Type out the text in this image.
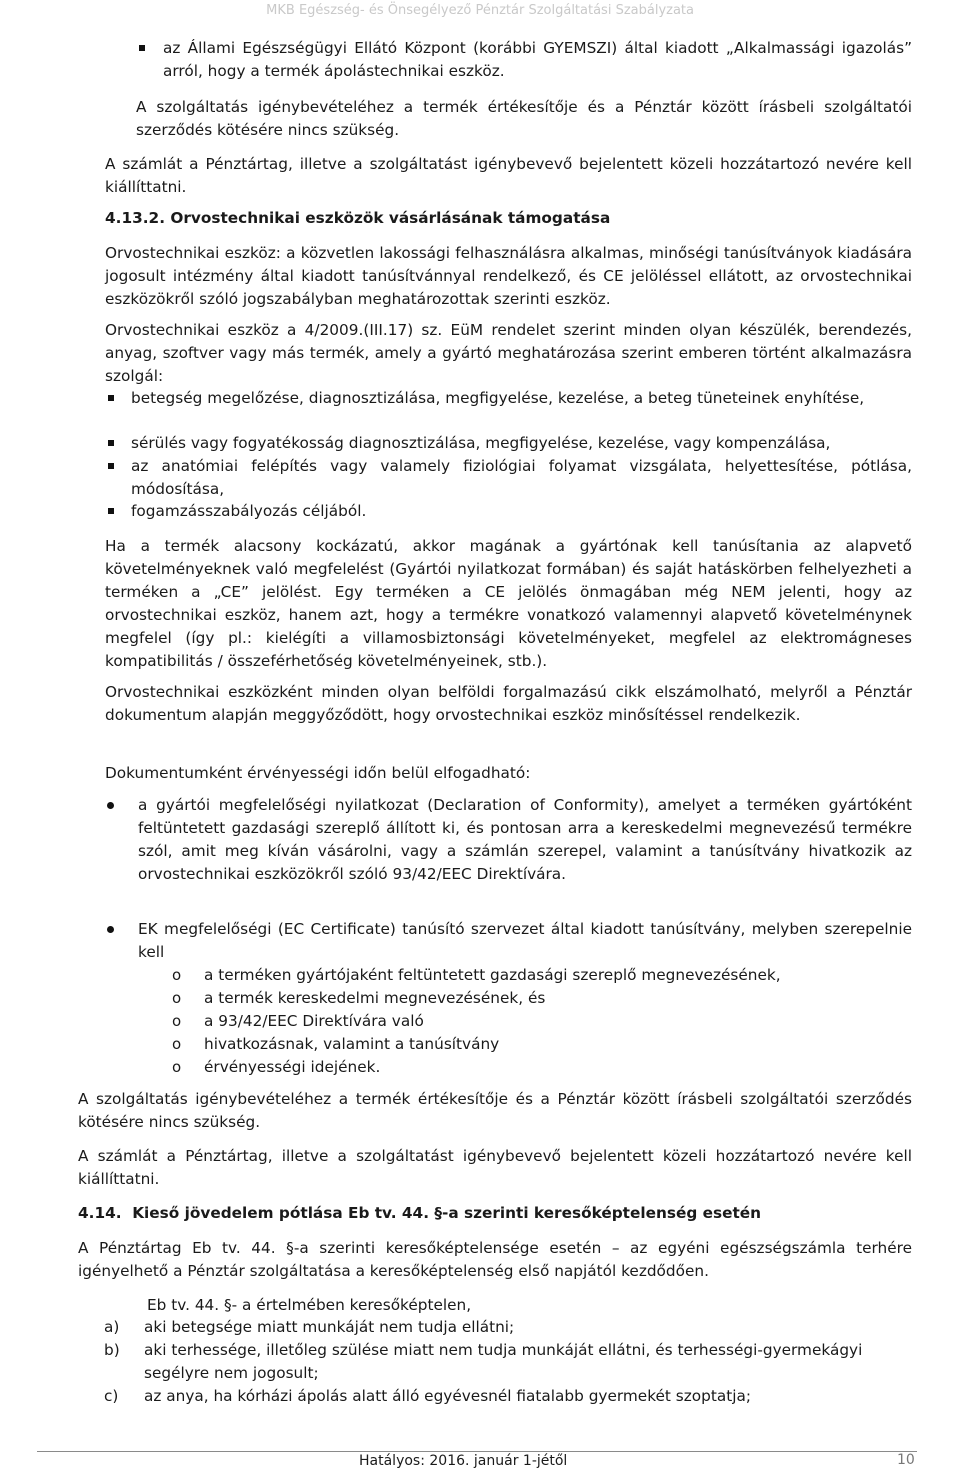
MKB Egészség- és Önsegélyező Pénztár Szolgáltatási Szabályzata

az Állami Egészségügyi Ellátó Központ (korábbi GYEMSZI) által kiadott „Alkalmassági igazolás” arról, hogy a termék ápolástechnikai eszköz.

A szolgáltatás igénybevételéhez a termék értékesítője és a Pénztár között írásbeli szolgáltatói szerződés kötésére nincs szükség.

A számlát a Pénztártag, illetve a szolgáltatást igénybevevő bejelentett közeli hozzátartozó nevére kell kiállíttatni.

4.13.2. Orvostechnikai eszközök vásárlásának támogatása

Orvostechnikai eszköz: a közvetlen lakossági felhasználásra alkalmas, minőségi tanúsítványok kiadására jogosult intézmény által kiadott tanúsítvánnyal rendelkező, és CE jelöléssel ellátott, az orvostechnikai eszközökről szóló jogszabályban meghatározottak szerinti eszköz.

Orvostechnikai eszköz a 4/2009.(III.17) sz. EüM rendelet szerint minden olyan készülék, berendezés, anyag, szoftver vagy más termék, amely a gyártó meghatározása szerint emberen történt alkalmazásra szolgál:

betegség megelőzése, diagnosztizálása, megfigyelése, kezelése, a beteg tüneteinek enyhítése,

sérülés vagy fogyatékosság diagnosztizálása, megfigyelése, kezelése, vagy kompenzálása,

az anatómiai felépítés vagy valamely fiziológiai folyamat vizsgálata, helyettesítése, pótlása, módosítása,

fogamzásszabályozás céljából.

Ha a termék alacsony kockázatú, akkor magának a gyártónak kell tanúsítania az alapvető követelményeknek való megfelelést (Gyártói nyilatkozat formában) és saját hatáskörben felhelyezheti a terméken a „CE” jelölést. Egy terméken a CE jelölés önmagában még NEM jelenti, hogy az orvostechnikai eszköz, hanem azt, hogy a termékre vonatkozó valamennyi alapvető követelménynek megfelel (így pl.: kielégíti a villamosbiztonsági követelményeket, megfelel az elektromágneses kompatibilitás / összeférhetőség követelményeinek, stb.).

Orvostechnikai eszközként minden olyan belföldi forgalmazású cikk elszámolható, melyről a Pénztár dokumentum alapján meggyőződött, hogy orvostechnikai eszköz minősítéssel rendelkezik.

Dokumentumként érvényességi időn belül elfogadható:

a gyártói megfelelőségi nyilatkozat (Declaration of Conformity), amelyet a terméken gyártóként feltüntetett gazdasági szereplő állított ki, és pontosan arra a kereskedelmi megnevezésű termékre szól, amit meg kíván vásárolni, vagy a számlán szerepel, valamint a tanúsítvány hivatkozik az orvostechnikai eszközökről szóló 93/42/EEC Direktívára.

EK megfelelőségi (EC Certificate) tanúsító szervezet által kiadott tanúsítvány, melyben szerepelnie kell

o a terméken gyártójaként feltüntetett gazdasági szereplő megnevezésének,

o a termék kereskedelmi megnevezésének, és

o a 93/42/EEC Direktívára való

o hivatkozásnak, valamint a tanúsítvány

o érvényességi idejének.

A szolgáltatás igénybevételéhez a termék értékesítője és a Pénztár között írásbeli szolgáltatói szerződés kötésére nincs szükség.

A számlát a Pénztártag, illetve a szolgáltatást igénybevevő bejelentett közeli hozzátartozó nevére kell kiállíttatni.

4.14.  Kieső jövedelem pótlása Eb tv. 44. §-a szerinti keresőképtelenség esetén

A Pénztártag Eb tv. 44. §-a szerinti keresőképtelensége esetén – az egyéni egészségszámla terhére igényelhető a Pénztár szolgáltatása a keresőképtelenség első napjától kezdődően.

Eb tv. 44. §- a értelmében keresőképtelen,

a) aki betegsége miatt munkáját nem tudja ellátni;

b) aki terhessége, illetőleg szülése miatt nem tudja munkáját ellátni, és terhességi-gyermekágyi segélyre nem jogosult;

c) az anya, ha kórházi ápolás alatt álló egyévesnél fiatalabb gyermekét szoptatja;

Hatályos: 2016. január 1-jétől	10
